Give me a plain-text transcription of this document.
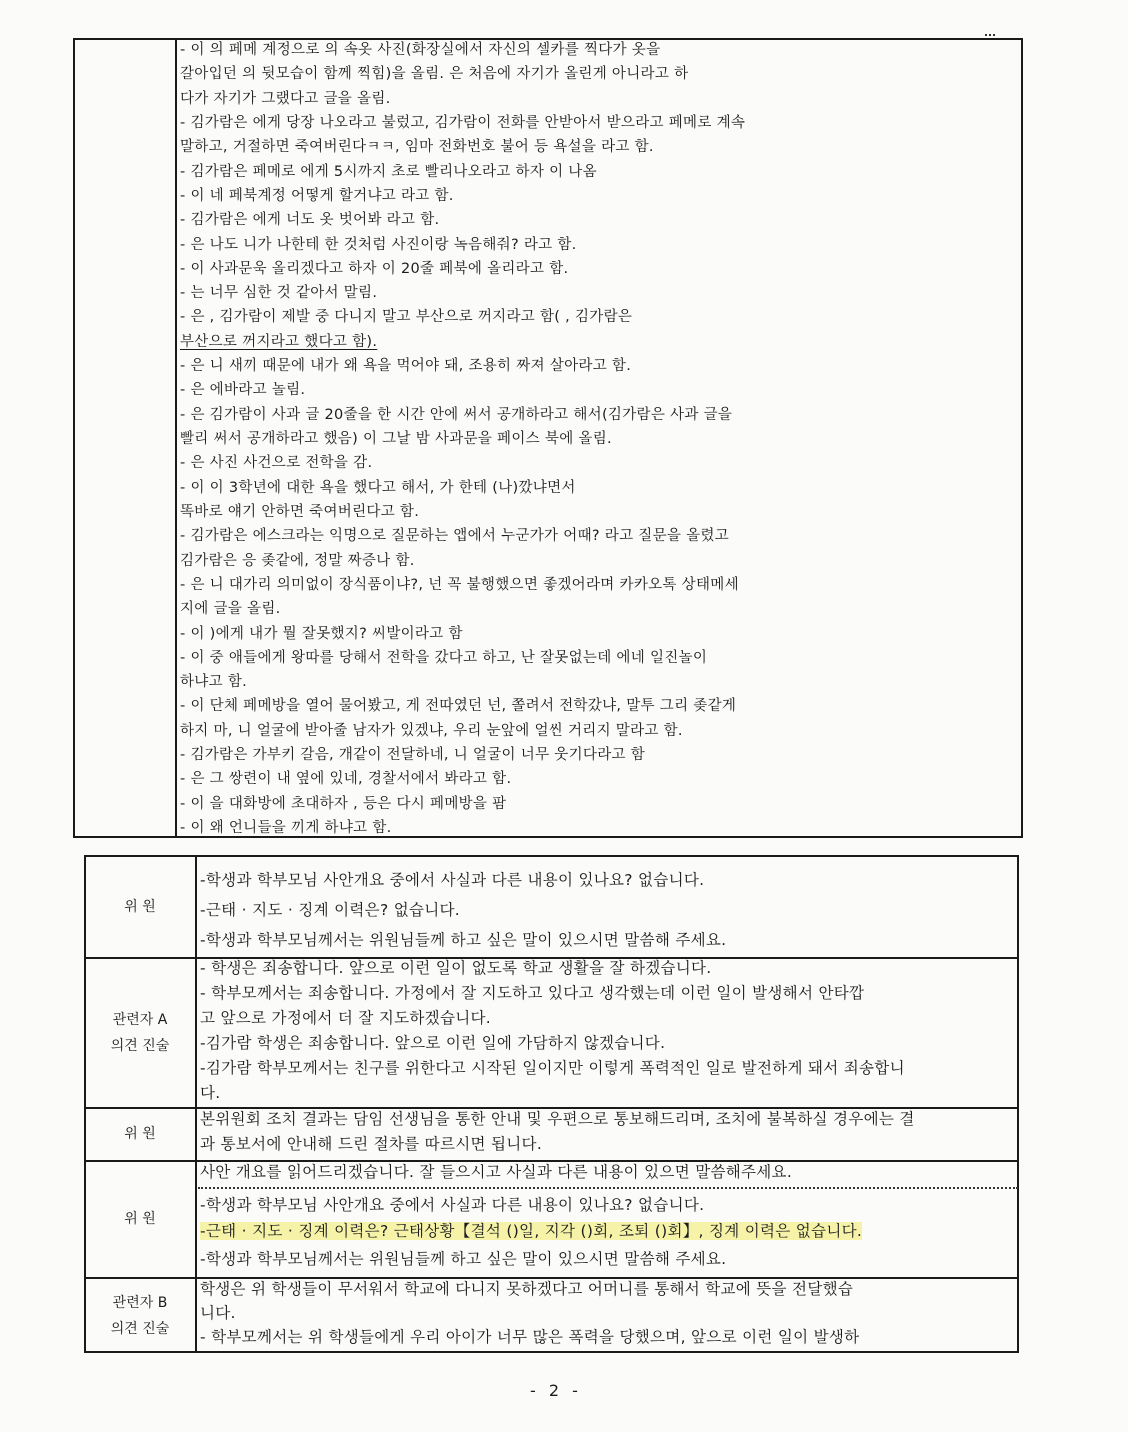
- 이 의 페메 계정으로 의 속옷 사진(화장실에서 자신의 셀카를 찍다가 옷을
갈아입던 의 뒷모습이 함께 찍힘)을 올림. 은 처음에 자기가 올린게 아니라고 하
다가 자기가 그랬다고 글을 올림.
- 김가람은 에게 당장 나오라고 불렀고, 김가람이 전화를 안받아서 받으라고 페메로 계속
말하고, 거절하면 죽여버린다ㅋㅋ, 임마 전화번호 불어 등 욕설을 라고 함.
- 김가람은 페메로 에게 5시까지 초로 빨리나오라고 하자 이 나옴
- 이 네 페북계정 어떻게 할거냐고 라고 함.
- 김가람은 에게 너도 옷 벗어봐 라고 함.
- 은 나도 니가 나한테 한 것처럼 사진이랑 녹음해줘? 라고 함.
- 이 사과문욱 올리겠다고 하자 이 20줄 페북에 올리라고 함.
- 는 너무 심한 것 같아서 말림.
- 은 , 김가람이 제발 중 다니지 말고 부산으로 꺼지라고 함( , 김가람은
부산으로 꺼지라고 했다고 함).
- 은 니 새끼 때문에 내가 왜 욕을 먹어야 돼, 조용히 짜져 살아라고 함.
- 은 에바라고 놀림.
- 은 김가람이 사과 글 20줄을 한 시간 안에 써서 공개하라고 해서(김가람은 사과 글을
빨리 써서 공개하라고 했음) 이 그날 밤 사과문을 페이스 북에 올림.
- 은 사진 사건으로 전학을 감.
- 이 이 3학년에 대한 욕을 했다고 해서, 가 한테 (나)깠냐면서
똑바로 얘기 안하면 죽여버린다고 함.
- 김가람은 에스크라는 익명으로 질문하는 앱에서 누군가가 어때? 라고 질문을 올렸고
김가람은 응 좆같에, 정말 짜증나 함.
- 은 니 대가리 의미없이 장식품이냐?, 넌 꼭 불행했으면 좋겠어라며 카카오톡 상태메세
지에 글을 올림.
- 이 )에게 내가 뭘 잘못했지? 씨발이라고 함
- 이 중 애들에게 왕따를 당해서 전학을 갔다고 하고, 난 잘못없는데 에네 일진놀이
하냐고 함.
- 이 단체 페메방을 열어 물어봤고, 게 전따였던 넌, 쫄려서 전학갔냐, 말투 그리 좆같게
하지 마, 니 얼굴에 받아줄 남자가 있겠냐, 우리 눈앞에 얼씬 거리지 말라고 함.
- 김가람은 가부키 갈음, 개같이 전달하네, 니 얼굴이 너무 웃기다라고 함
- 은 그 쌍련이 내 옆에 있네, 경찰서에서 봐라고 함.
- 이 을 대화방에 초대하자 , 등은 다시 페메방을 팜
- 이 왜 언니들을 끼게 하냐고 함.
위 원
-학생과 학부모님 사안개요 중에서 사실과 다른 내용이 있나요? 없습니다.
-근태 · 지도 · 징계 이력은? 없습니다.
-학생과 학부모님께서는 위원님들께 하고 싶은 말이 있으시면 말씀해 주세요.
관련자 A
의견 진술
- 학생은 죄송합니다. 앞으로 이런 일이 없도록 학교 생활을 잘 하겠습니다.
- 학부모께서는 죄송합니다. 가정에서 잘 지도하고 있다고 생각했는데 이런 일이 발생해서 안타깝
고 앞으로 가정에서 더 잘 지도하겠습니다.
-김가람 학생은 죄송합니다. 앞으로 이런 일에 가담하지 않겠습니다.
-김가람 학부모께서는 친구를 위한다고 시작된 일이지만 이렇게 폭력적인 일로 발전하게 돼서 죄송합니
다.
위 원
본위원회 조치 결과는 담임 선생님을 통한 안내 및 우편으로 통보해드리며, 조치에 불복하실 경우에는 결
과 통보서에 안내해 드린 절차를 따르시면 됩니다.
위 원
사안 개요를 읽어드리겠습니다. 잘 들으시고 사실과 다른 내용이 있으면 말씀해주세요.
-학생과 학부모님 사안개요 중에서 사실과 다른 내용이 있나요? 없습니다.
-근태 · 지도 · 징계 이력은? 근태상황【결석 ()일, 지각 ()회, 조퇴 ()회】, 징계 이력은 없습니다.
-학생과 학부모님께서는 위원님들께 하고 싶은 말이 있으시면 말씀해 주세요.
관련자 B
의견 진술
학생은 위 학생들이 무서워서 학교에 다니지 못하겠다고 어머니를 통해서 학교에 뜻을 전달했습
니다.
- 학부모께서는 위 학생들에게 우리 아이가 너무 많은 폭력을 당했으며, 앞으로 이런 일이 발생하
- 2 -
